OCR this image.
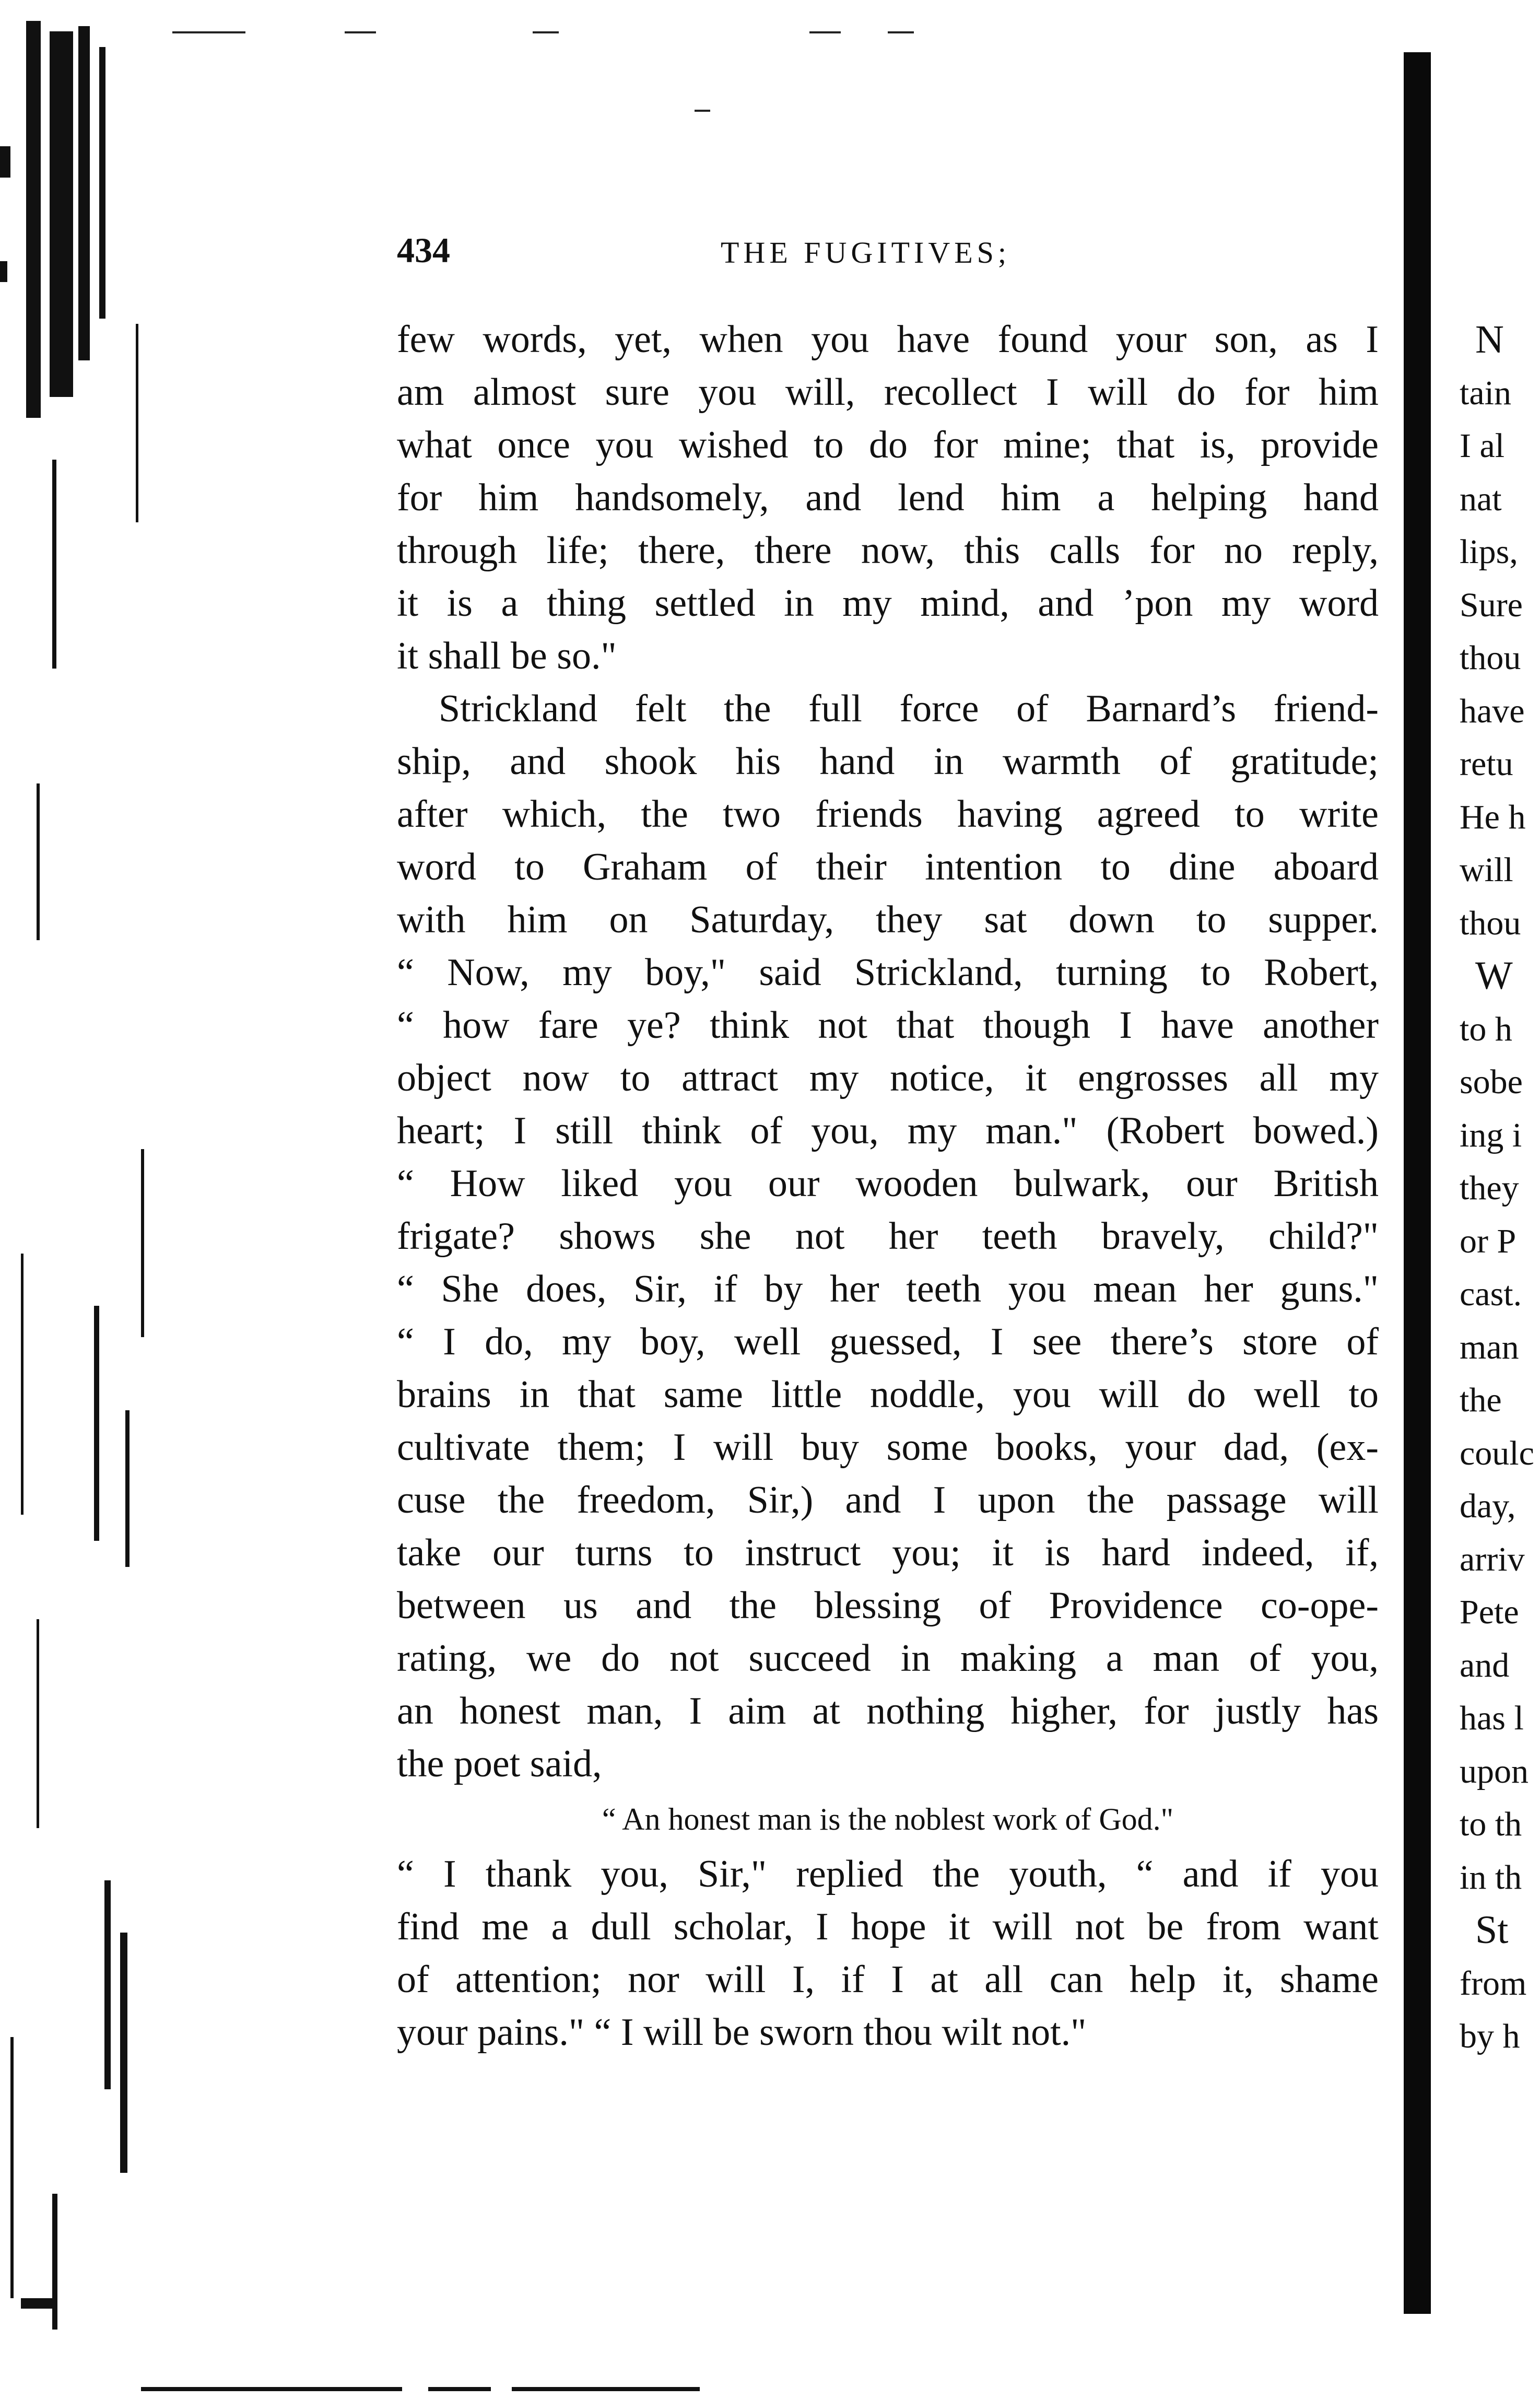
434	THE FUGITIVES;
few words, yet, when you have found your son, as I
am almost sure you will, recollect I will do for him
what once you wished to do for mine; that is, provide
for him handsomely, and lend him a helping hand
through life; there, there now, this calls for no reply,
it is a thing settled in my mind, and ’pon my word
it shall be so."
Strickland felt the full force of Barnard’s friend-
ship, and shook his hand in warmth of gratitude;
after which, the two friends having agreed to write
word to Graham of their intention to dine aboard
with him on Saturday, they sat down to supper.
“ Now, my boy," said Strickland, turning to Robert,
“ how fare ye? think not that though I have another
object now to attract my notice, it engrosses all my
heart; I still think of you, my man." (Robert bowed.)
“ How liked you our wooden bulwark, our British
frigate? shows she not her teeth bravely, child?"
“ She does, Sir, if by her teeth you mean her guns."
“ I do, my boy, well guessed, I see there’s store of
brains in that same little noddle, you will do well to
cultivate them; I will buy some books, your dad, (ex-
cuse the freedom, Sir,) and I upon the passage will
take our turns to instruct you; it is hard indeed, if,
between us and the blessing of Providence co-ope-
rating, we do not succeed in making a man of you,
an honest man, I aim at nothing higher, for justly has
the poet said,
“ An honest man is the noblest work of God."
“ I thank you, Sir," replied the youth, “ and if you
find me a dull scholar, I hope it will not be from want
of attention; nor will I, if I at all can help it, shame
your pains." “ I will be sworn thou wilt not."
N
tain
I al
nat
lips,
Sure
thou
have
retu
He h
will
thou
W
to h
sobe
ing i
they
or P
cast.
man
the
coulc
day,
arriv
Pete
and
has l
upon
to th
in th
St
from
by h
